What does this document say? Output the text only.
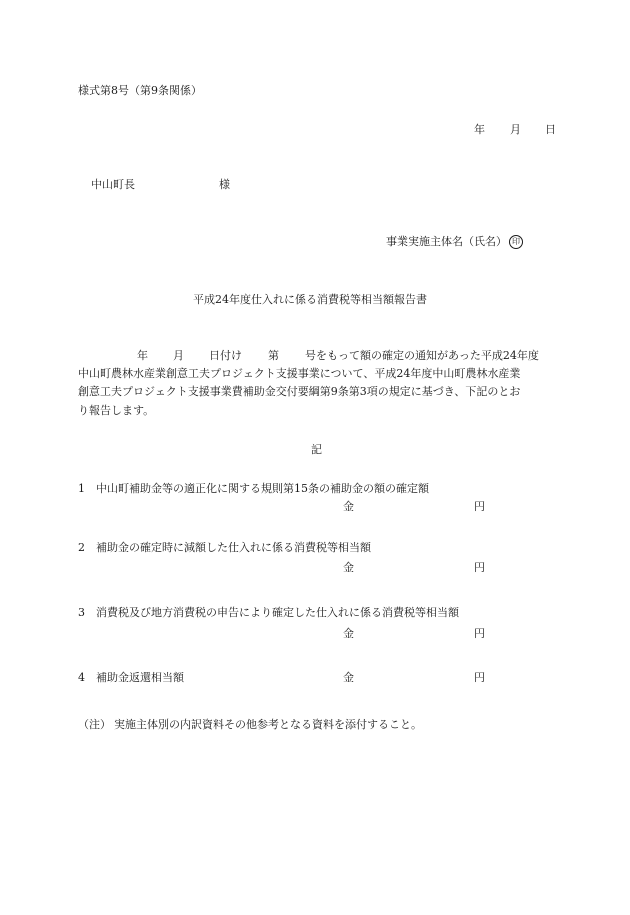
様式第8号（第9条関係）
年 月 日
中山町長	様
事業実施主体名（氏名） 印
平成24年度仕入れに係る消費税等相当額報告書
年 月 日付け 第 号をもって額の確定の通知があった平成24年度
中山町農林水産業創意工夫プロジェクト支援事業について、平成24年度中山町農林水産業
創意工夫プロジェクト支援事業費補助金交付要綱第9条第3項の規定に基づき、下記のとお
り報告します。
記
1 中山町補助金等の適正化に関する規則第15条の補助金の額の確定額
金	円
2 補助金の確定時に減額した仕入れに係る消費税等相当額
金	円
3 消費税及び地方消費税の申告により確定した仕入れに係る消費税等相当額
金	円
4 補助金返還相当額	金	円
（注） 実施主体別の内訳資料その他参考となる資料を添付すること。
